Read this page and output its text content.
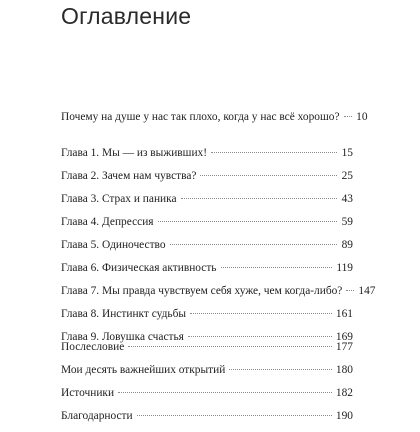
Оглавление
Почему на душе у нас так плохо, когда у нас всё хорошо? 10
Глава 1. Мы — из выживших!	15
Глава 2. Зачем нам чувства?	25
Глава 3. Страх и паника	43
Глава 4. Депрессия	59
Глава 5. Одиночество	89
Глава 6. Физическая активность	119
Глава 7. Мы правда чувствуем себя хуже, чем когда-либо? 147
Глава 8. Инстинкт судьбы	161
Глава 9. Ловушка счастья	169
Послесловие	177
Мои десять важнейших открытий	180
Источники	182
Благодарности	190
